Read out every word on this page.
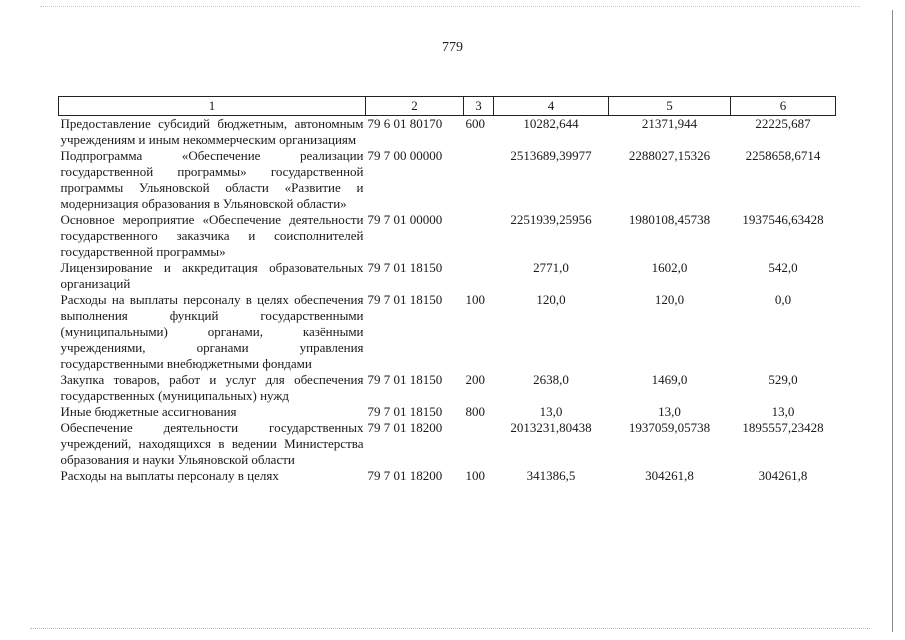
779
1	2	3	4	5	6
Предоставление субсидий бюджетным, автономным учреждениям и иным некоммерческим организациям	79 6 01 80170	600	10282,644	21371,944	22225,687
Подпрограмма «Обеспечение реализации государственной программы» государственной программы Ульяновской области «Развитие и модернизация образования в Ульяновской области»	79 7 00 00000		2513689,39977	2288027,15326	2258658,6714
Основное мероприятие «Обеспечение деятельности государственного заказчика и соисполнителей государственной программы»	79 7 01 00000		2251939,25956	1980108,45738	1937546,63428
Лицензирование и аккредитация образовательных организаций	79 7 01 18150		2771,0	1602,0	542,0
Расходы на выплаты персоналу в целях обеспечения выполнения функций государственными (муниципальными) органами, казёнными учреждениями, органами управления государственными внебюджетными фондами	79 7 01 18150	100	120,0	120,0	0,0
Закупка товаров, работ и услуг для обеспечения государственных (муниципальных) нужд	79 7 01 18150	200	2638,0	1469,0	529,0
Иные бюджетные ассигнования	79 7 01 18150	800	13,0	13,0	13,0
Обеспечение деятельности государственных учреждений, находящихся в ведении Министерства образования и науки Ульяновской области	79 7 01 18200		2013231,80438	1937059,05738	1895557,23428
Расходы на выплаты персоналу в целях	79 7 01 18200	100	341386,5	304261,8	304261,8
